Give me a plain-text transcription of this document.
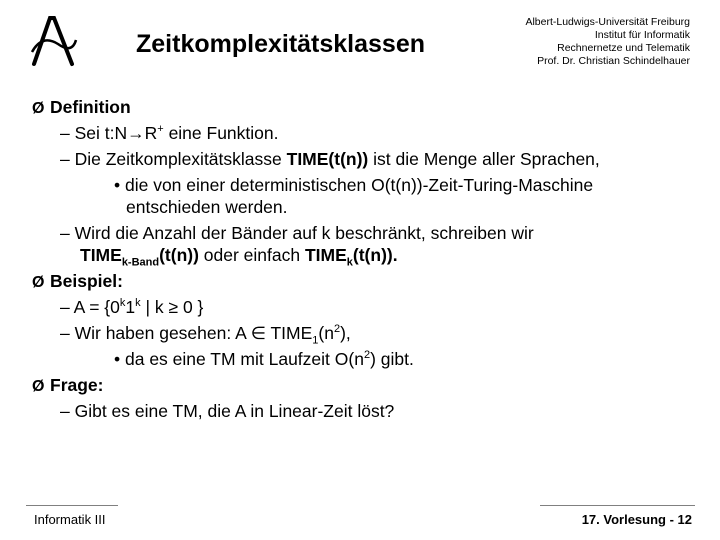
Zeitkomplexitätsklassen
Albert-Ludwigs-Universität Freiburg
Institut für Informatik
Rechnernetze und Telematik
Prof. Dr. Christian Schindelhauer
Ø Definition
– Sei t:N→R+ eine Funktion.
– Die Zeitkomplexitätsklasse TIME(t(n)) ist die Menge aller Sprachen,
• die von einer deterministischen O(t(n))-Zeit-Turing-Maschine
entschieden werden.
– Wird die Anzahl der Bänder auf k beschränkt, schreiben wir
$TIME_{k-Band}(t(n))$ oder einfach $TIME_k(t(n))$.
Ø Beispiel:
– $A = \{0^k1^k$ | k ≥ 0 }
– Wir haben gesehen: A ∈ $TIME_1(n^2)$,
• da es eine TM mit Laufzeit $O(n^2)$ gibt.
Ø Frage:
– Gibt es eine TM, die A in Linear-Zeit löst?
Informatik III	17. Vorlesung - 12
